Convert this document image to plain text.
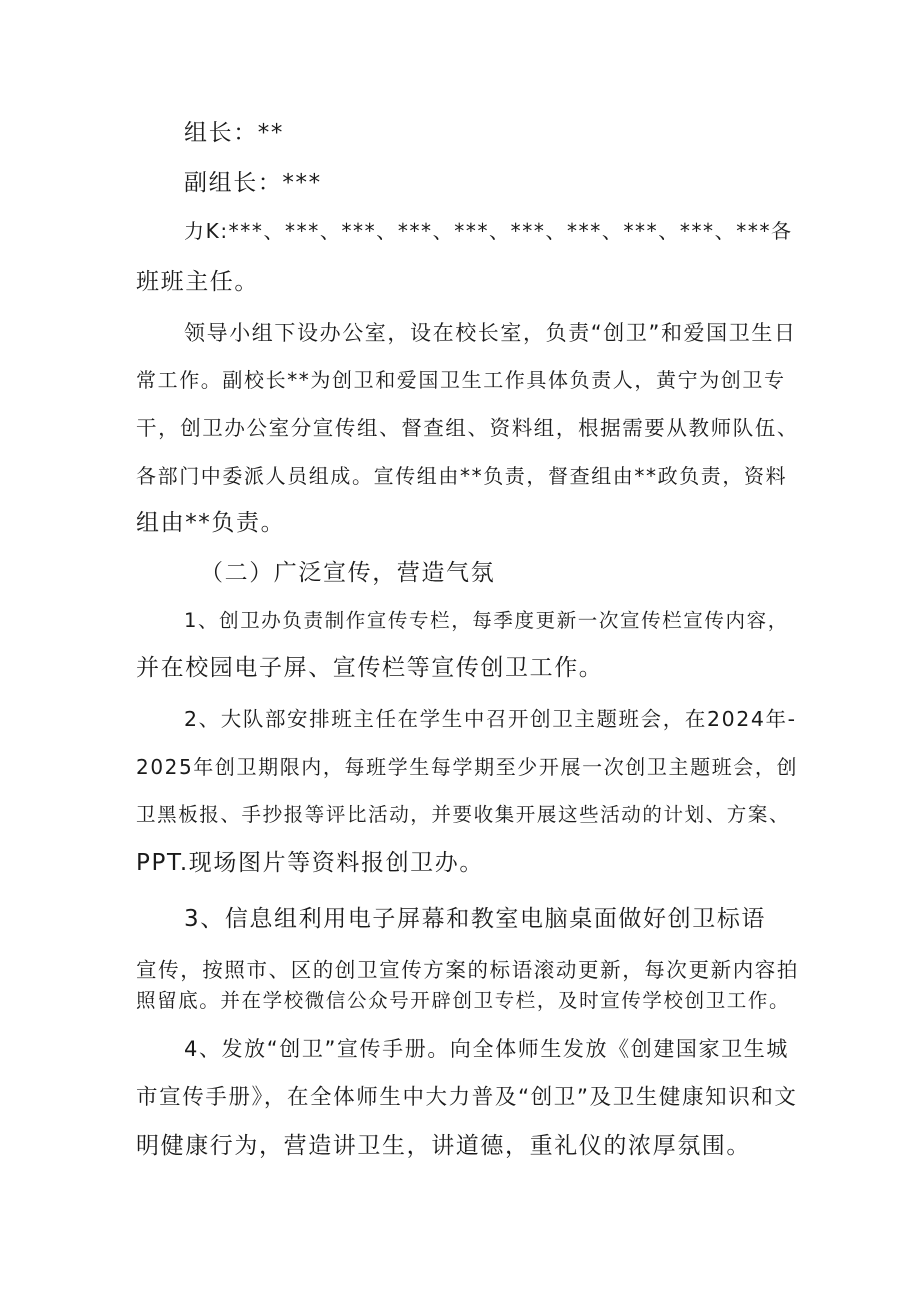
组长：**
副组长：***
力K:***、***、***、***、***、***、***、***、***、***各
班班主任。
领导小组下设办公室，设在校长室，负责“创卫”和爱国卫生日
常工作。副校长**为创卫和爱国卫生工作具体负责人，黄宁为创卫专
干，创卫办公室分宣传组、督查组、资料组，根据需要从教师队伍、
各部门中委派人员组成。宣传组由**负责，督查组由**政负责，资料
组由**负责。
（二）广泛宣传，营造气氛
1、创卫办负责制作宣传专栏，每季度更新一次宣传栏宣传内容，
并在校园电子屏、宣传栏等宣传创卫工作。
2、大队部安排班主任在学生中召开创卫主题班会，在2024年-
2025年创卫期限内，每班学生每学期至少开展一次创卫主题班会，创
卫黑板报、手抄报等评比活动，并要收集开展这些活动的计划、方案、
PPT.现场图片等资料报创卫办。
3、信息组利用电子屏幕和教室电脑桌面做好创卫标语
宣传，按照市、区的创卫宣传方案的标语滚动更新，每次更新内容拍
照留底。并在学校微信公众号开辟创卫专栏，及时宣传学校创卫工作。
4、发放“创卫”宣传手册。向全体师生发放《创建国家卫生城
市宣传手册》，在全体师生中大力普及“创卫”及卫生健康知识和文
明健康行为，营造讲卫生，讲道德，重礼仪的浓厚氛围。
